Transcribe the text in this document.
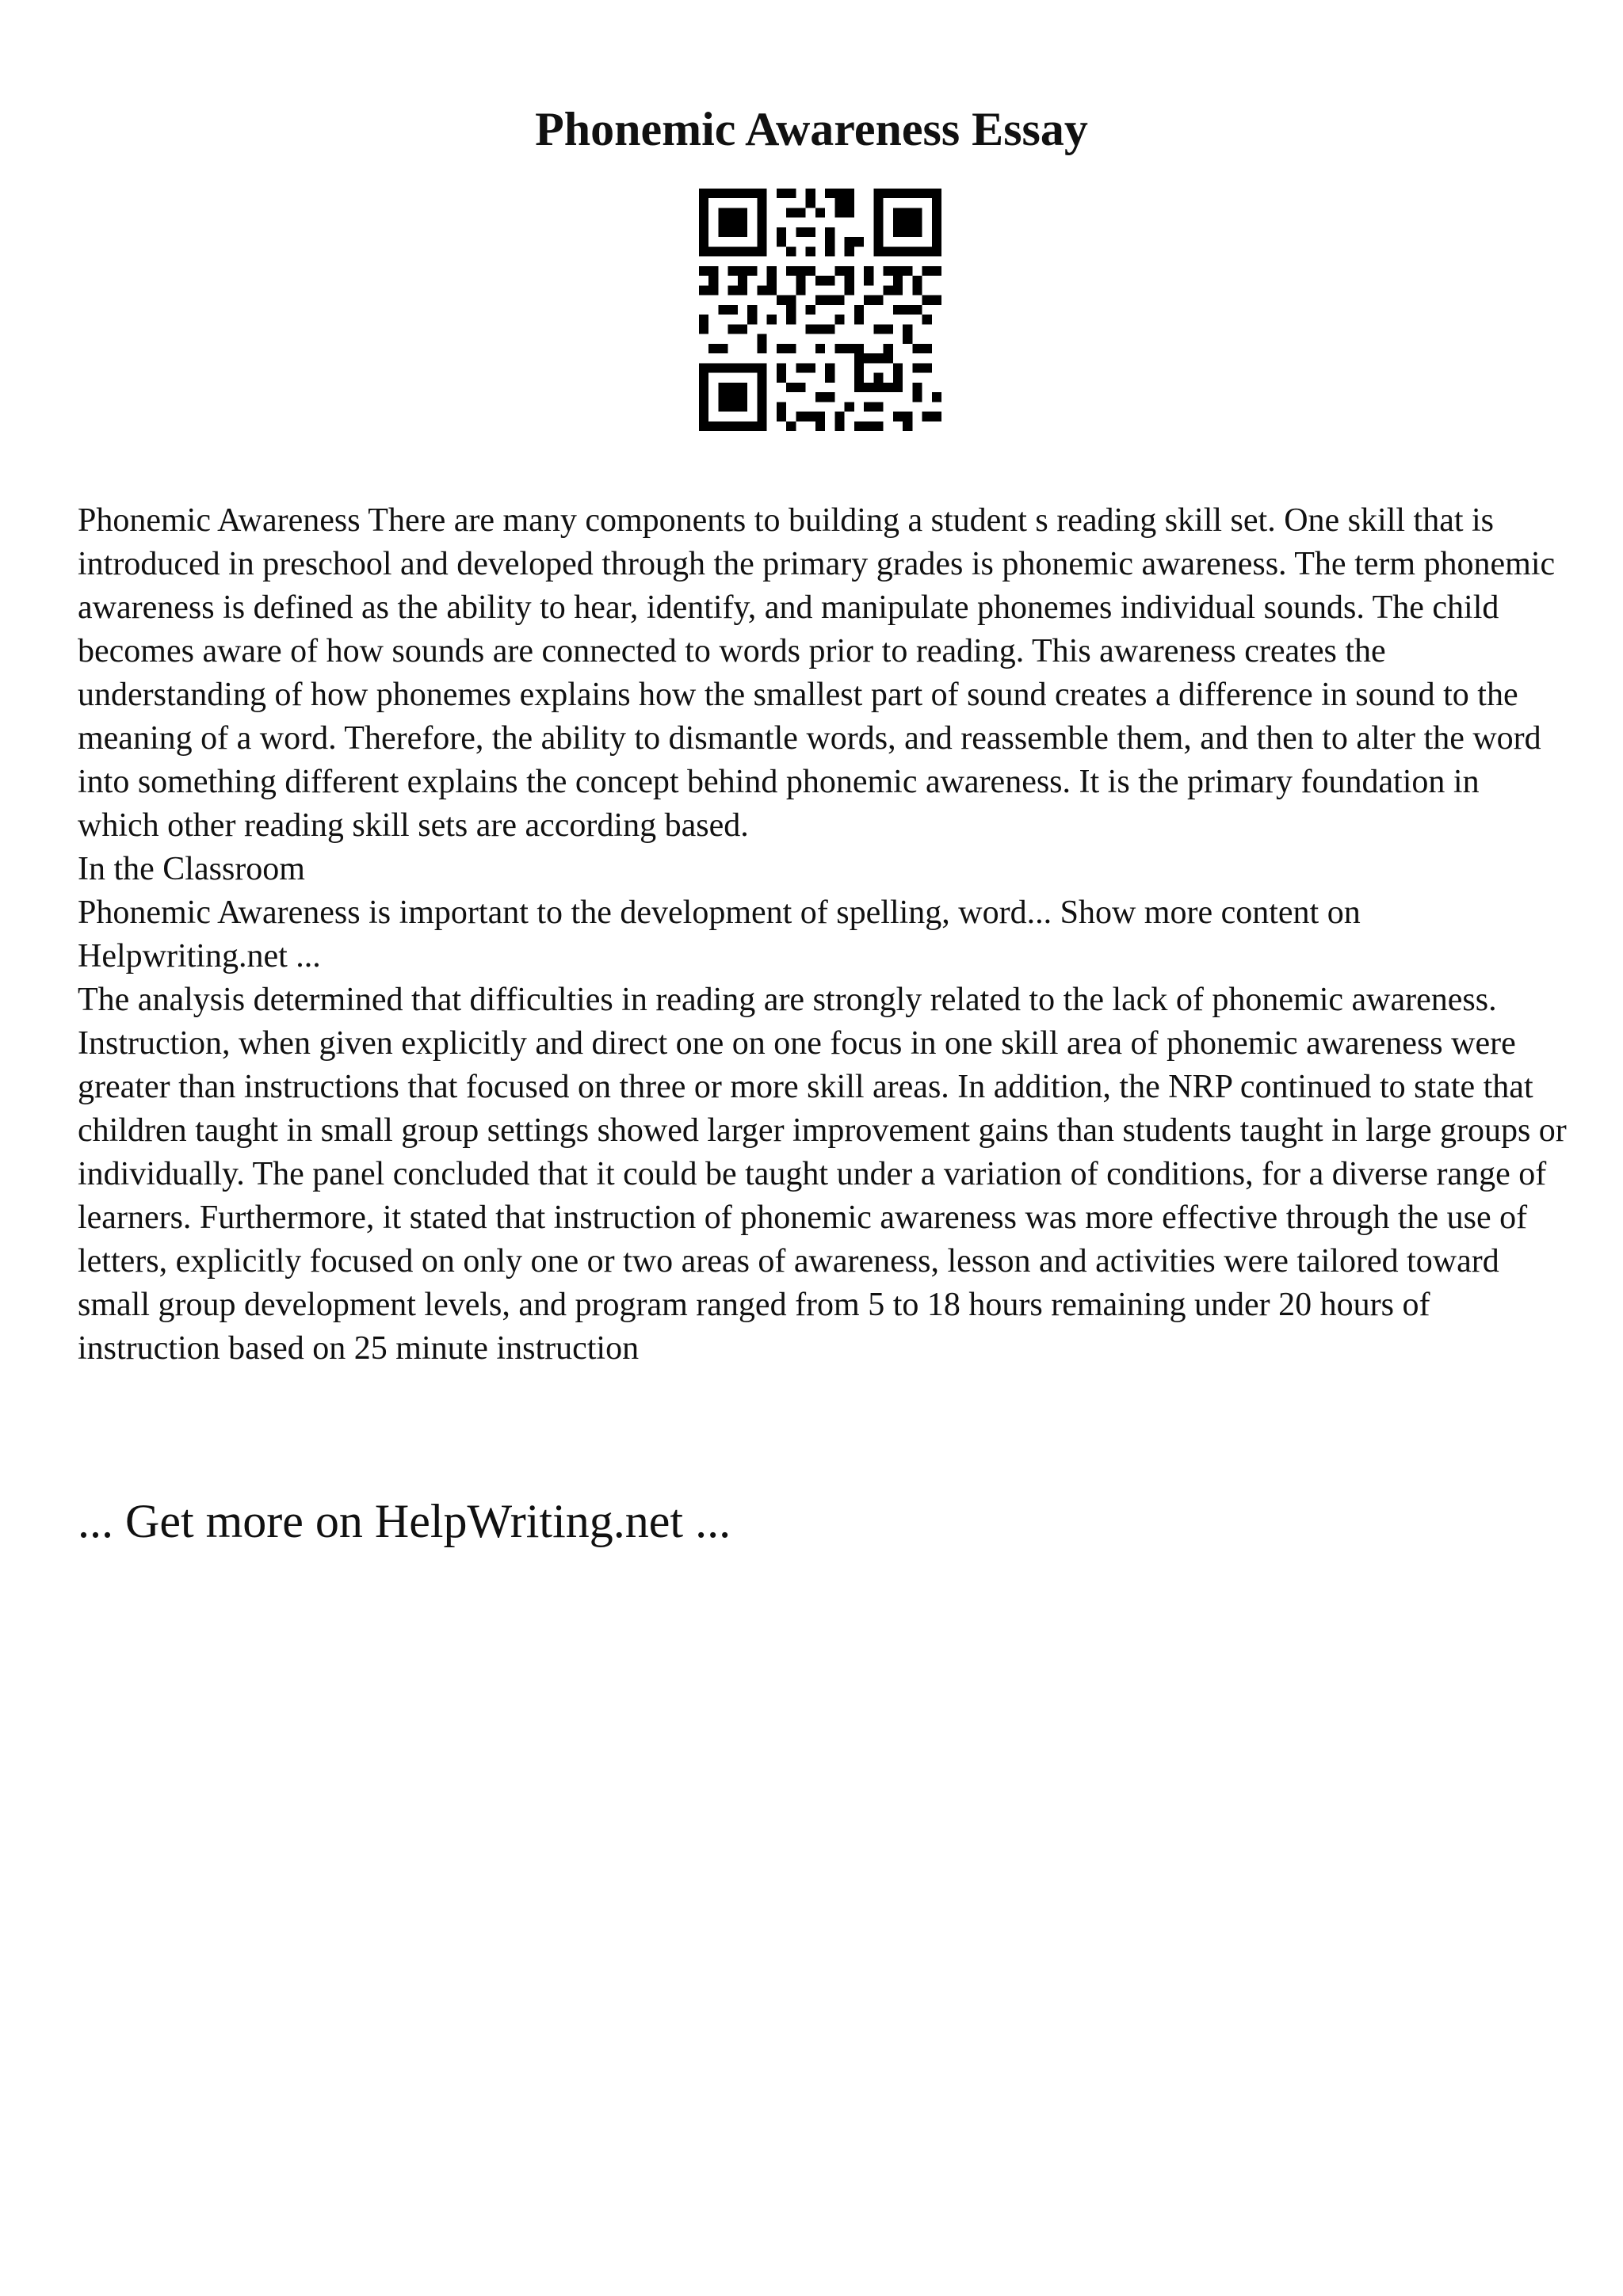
Phonemic Awareness Essay

Phonemic Awareness There are many components to building a student s reading skill set. One skill that is introduced in preschool and developed through the primary grades is phonemic awareness. The term phonemic awareness is defined as the ability to hear, identify, and manipulate phonemes individual sounds. The child becomes aware of how sounds are connected to words prior to reading. This awareness creates the understanding of how phonemes explains how the smallest part of sound creates a difference in sound to the meaning of a word. Therefore, the ability to dismantle words, and reassemble them, and then to alter the word into something different explains the concept behind phonemic awareness. It is the primary foundation in which other reading skill sets are according based.

In the Classroom

Phonemic Awareness is important to the development of spelling, word... Show more content on Helpwriting.net ...

The analysis determined that difficulties in reading are strongly related to the lack of phonemic awareness. Instruction, when given explicitly and direct one on one focus in one skill area of phonemic awareness were greater than instructions that focused on three or more skill areas. In addition, the NRP continued to state that children taught in small group settings showed larger improvement gains than students taught in large groups or individually. The panel concluded that it could be taught under a variation of conditions, for a diverse range of learners. Furthermore, it stated that instruction of phonemic awareness was more effective through the use of letters, explicitly focused on only one or two areas of awareness, lesson and activities were tailored toward small group development levels, and program ranged from 5 to 18 hours remaining under 20 hours of instruction based on 25 minute instruction

... Get more on HelpWriting.net ...
